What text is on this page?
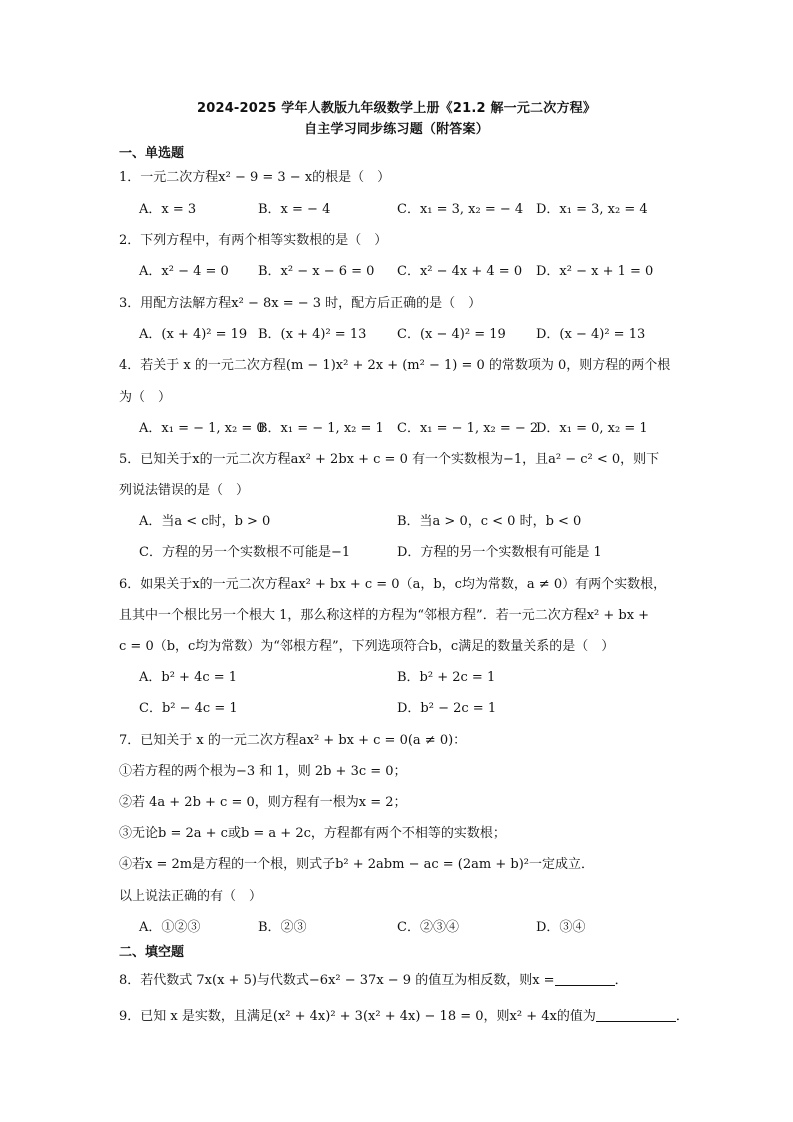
2024-2025 学年人教版九年级数学上册《21.2 解一元二次方程》
自主学习同步练习题（附答案）
一、单选题
1．一元二次方程x² − 9 = 3 − x的根是（　）
A．x = 3	B．x = − 4	C．x₁ = 3, x₂ = − 4 D．x₁ = 3, x₂ = 4
2．下列方程中，有两个相等实数根的是（　）
A．x² − 4 = 0 B．x² − x − 6 = 0 C．x² − 4x + 4 = 0 D．x² − x + 1 = 0
3．用配方法解方程x² − 8x = − 3 时，配方后正确的是（　）
A．(x + 4)² = 19 B．(x + 4)² = 13 C．(x − 4)² = 19 D．(x − 4)² = 13
4．若关于 x 的一元二次方程(m − 1)x² + 2x + (m² − 1) = 0 的常数项为 0，则方程的两个根
为（　）
A．x₁ = − 1, x₂ = 0
B．x₁ = − 1, x₂ = 1 C．x₁ = − 1, x₂ = − 2
D．x₁ = 0, x₂ = 1
5．已知关于x的一元二次方程ax² + 2bx + c = 0 有一个实数根为−1，且a² − c² < 0，则下
列说法错误的是（　）
A．当a < c时，b > 0	B．当a > 0，c < 0 时，b < 0
C．方程的另一个实数根不可能是−1	D．方程的另一个实数根有可能是 1
6．如果关于x的一元二次方程ax² + bx + c = 0（a，b，c均为常数，a ≠ 0）有两个实数根，
且其中一个根比另一个根大 1，那么称这样的方程为“邻根方程”．若一元二次方程x² + bx +
c = 0（b，c均为常数）为“邻根方程”，下列选项符合b，c满足的数量关系的是（　）
A．b² + 4c = 1	B．b² + 2c = 1
C．b² − 4c = 1	D．b² − 2c = 1
7．已知关于 x 的一元二次方程ax² + bx + c = 0(a ≠ 0)：
①若方程的两个根为−3 和 1，则 2b + 3c = 0；
②若 4a + 2b + c = 0，则方程有一根为x = 2；
③无论b = 2a + c或b = a + 2c，方程都有两个不相等的实数根；
④若x = 2m是方程的一个根，则式子b² + 2abm − ac = (2am + b)²一定成立．
以上说法正确的有（　）
A．①②③	B．②③	C．②③④	D．③④
二、填空题
8．若代数式 7x(x + 5)与代数式−6x² − 37x − 9 的值互为相反数，则x =	．
9．已知 x 是实数，且满足(x² + 4x)² + 3(x² + 4x) − 18 = 0，则x² + 4x的值为	．
